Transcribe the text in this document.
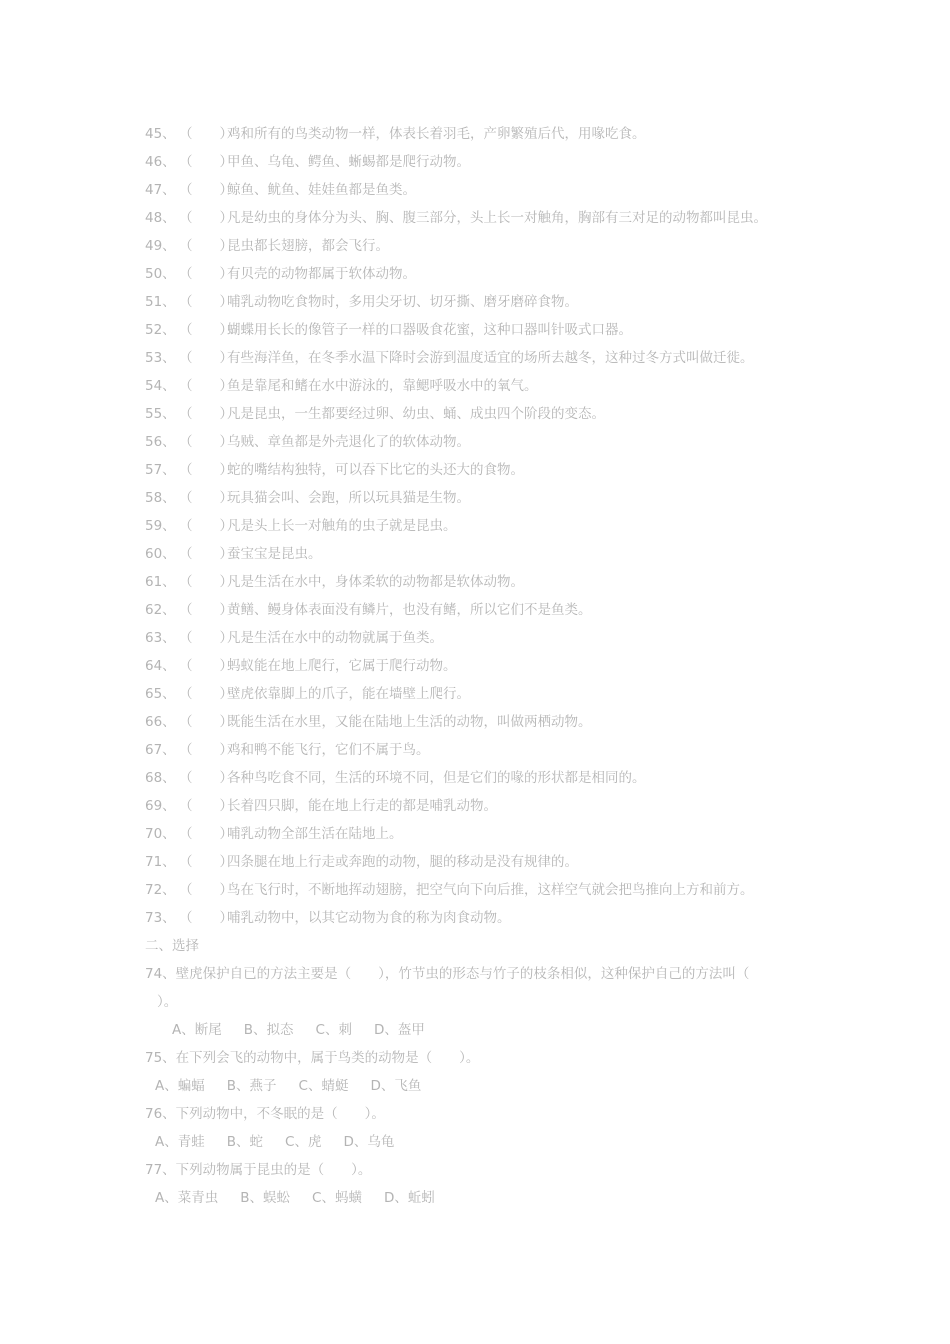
45、 （　　）鸡和所有的鸟类动物一样，体表长着羽毛，产卵繁殖后代，用喙吃食。
46、 （　　）甲鱼、乌龟、鳄鱼、蜥蜴都是爬行动物。
47、 （　　）鲸鱼、鱿鱼、娃娃鱼都是鱼类。
48、 （　　）凡是幼虫的身体分为头、胸、腹三部分，头上长一对触角，胸部有三对足的动物都叫昆虫。
49、 （　　）昆虫都长翅膀，都会飞行。
50、 （　　）有贝壳的动物都属于软体动物。
51、 （　　）哺乳动物吃食物时，多用尖牙切、切牙撕、磨牙磨碎食物。
52、 （　　）蝴蝶用长长的像管子一样的口器吸食花蜜，这种口器叫针吸式口器。
53、 （　　）有些海洋鱼，在冬季水温下降时会游到温度适宜的场所去越冬，这种过冬方式叫做迁徙。
54、 （　　）鱼是靠尾和鳍在水中游泳的，靠鳃呼吸水中的氧气。
55、 （　　）凡是昆虫，一生都要经过卵、幼虫、蛹、成虫四个阶段的变态。
56、 （　　）乌贼、章鱼都是外壳退化了的软体动物。
57、 （　　）蛇的嘴结构独特，可以吞下比它的头还大的食物。
58、 （　　）玩具猫会叫、会跑，所以玩具猫是生物。
59、 （　　）凡是头上长一对触角的虫子就是昆虫。
60、 （　　）蚕宝宝是昆虫。
61、 （　　）凡是生活在水中，身体柔软的动物都是软体动物。
62、 （　　）黄鳝、鳗身体表面没有鳞片，也没有鳍，所以它们不是鱼类。
63、 （　　）凡是生活在水中的动物就属于鱼类。
64、 （　　）蚂蚁能在地上爬行，它属于爬行动物。
65、 （　　）壁虎依靠脚上的爪子，能在墙壁上爬行。
66、 （　　）既能生活在水里，又能在陆地上生活的动物，叫做两栖动物。
67、 （　　）鸡和鸭不能飞行，它们不属于鸟。
68、 （　　）各种鸟吃食不同，生活的环境不同，但是它们的喙的形状都是相同的。
69、 （　　）长着四只脚，能在地上行走的都是哺乳动物。
70、 （　　）哺乳动物全部生活在陆地上。
71、 （　　）四条腿在地上行走或奔跑的动物，腿的移动是没有规律的。
72、 （　　）鸟在飞行时，不断地挥动翅膀，把空气向下向后推，这样空气就会把鸟推向上方和前方。
73、 （　　）哺乳动物中，以其它动物为食的称为肉食动物。
二、选择
74、壁虎保护自已的方法主要是（　　），竹节虫的形态与竹子的枝条相似，这种保护自己的方法叫（
）。
A、断尾 B、拟态 C、刺 D、盔甲
75、在下列会飞的动物中，属于鸟类的动物是（　　）。
A、蝙蝠 B、燕子 C、蜻蜓 D、飞鱼
76、下列动物中，不冬眠的是（　　）。
A、青蛙 B、蛇 C、虎 D、乌龟
77、下列动物属于昆虫的是（　　）。
A、菜青虫 B、蜈蚣 C、蚂蟥 D、蚯蚓
